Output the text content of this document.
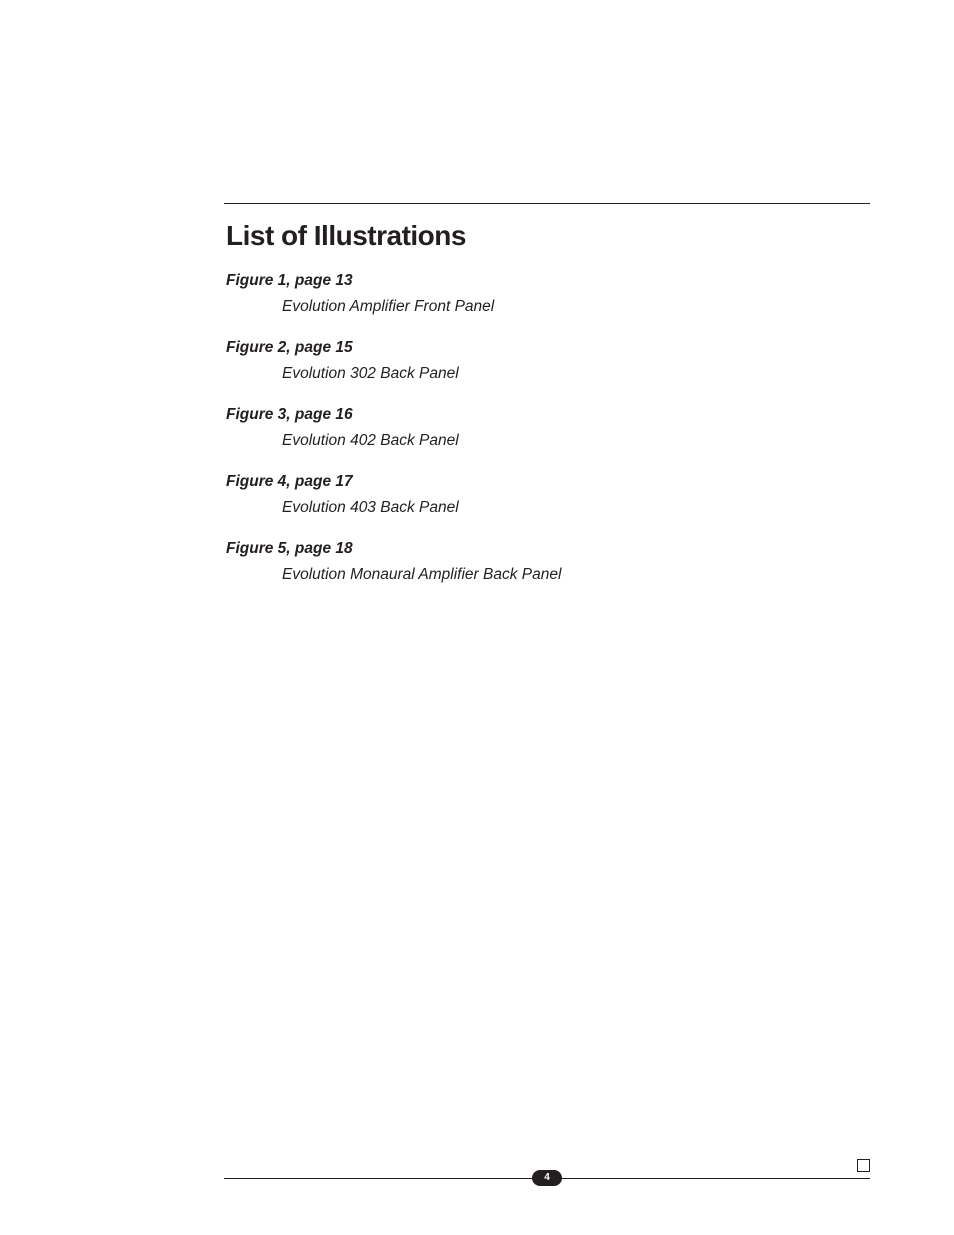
List of Illustrations
Figure 1, page 13
Evolution Amplifier Front Panel
Figure 2, page 15
Evolution 302 Back Panel
Figure 3, page 16
Evolution 402 Back Panel
Figure 4, page 17
Evolution 403 Back Panel
Figure 5, page 18
Evolution Monaural Amplifier Back Panel
4
